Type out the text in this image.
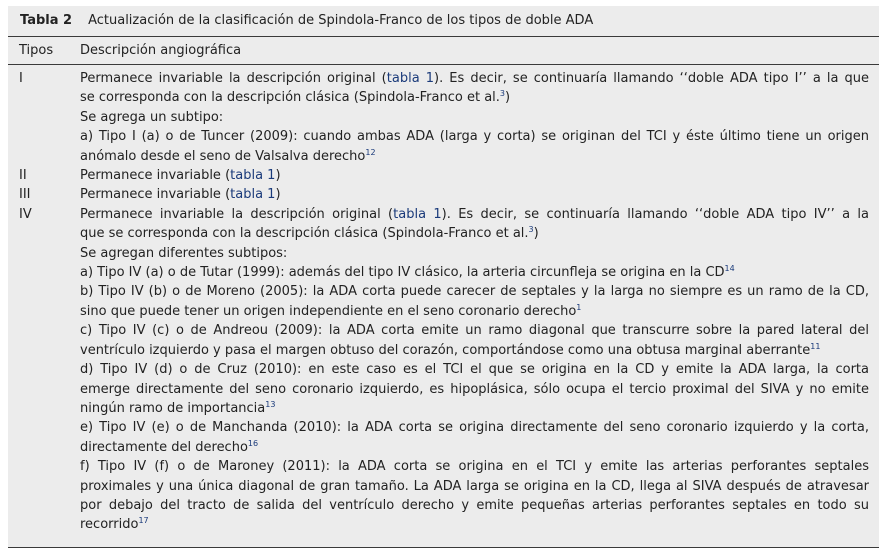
Tabla 2 Actualización de la clasificación de Spindola-Franco de los tipos de doble ADA
Tipos	Descripción angiográfica
I	Permanece invariable la descripción original (tabla 1). Es decir, se continuaría llamando ‘‘doble ADA tipo I’’ a la que
se corresponda con la descripción clásica (Spindola-Franco et al.$^3$)
Se agrega un subtipo:
a) Tipo I (a) o de Tuncer (2009): cuando ambas ADA (larga y corta) se originan del TCI y éste último tiene un origen
anómalo desde el seno de Valsalva derecho$^{12}$
II	Permanece invariable (tabla 1)
III	Permanece invariable (tabla 1)
IV	Permanece invariable la descripción original (tabla 1). Es decir, se continuaría llamando ‘‘doble ADA tipo IV’’ a la
que se corresponda con la descripción clásica (Spindola-Franco et al.$^3$)
Se agregan diferentes subtipos:
a) Tipo IV (a) o de Tutar (1999): además del tipo IV clásico, la arteria circunfleja se origina en la CD$^{14}$
b) Tipo IV (b) o de Moreno (2005): la ADA corta puede carecer de septales y la larga no siempre es un ramo de la CD,
sino que puede tener un origen independiente en el seno coronario derecho$^1$
c) Tipo IV (c) o de Andreou (2009): la ADA corta emite un ramo diagonal que transcurre sobre la pared lateral del
ventrículo izquierdo y pasa el margen obtuso del corazón, comportándose como una obtusa marginal aberrante$^{11}$
d) Tipo IV (d) o de Cruz (2010): en este caso es el TCI el que se origina en la CD y emite la ADA larga, la corta
emerge directamente del seno coronario izquierdo, es hipoplásica, sólo ocupa el tercio proximal del SIVA y no emite
ningún ramo de importancia$^{13}$
e) Tipo IV (e) o de Manchanda (2010): la ADA corta se origina directamente del seno coronario izquierdo y la corta,
directamente del derecho$^{16}$
f) Tipo IV (f) o de Maroney (2011): la ADA corta se origina en el TCI y emite las arterias perforantes septales
proximales y una única diagonal de gran tamaño. La ADA larga se origina en la CD, llega al SIVA después de atravesar
por debajo del tracto de salida del ventrículo derecho y emite pequeñas arterias perforantes septales en todo su
recorrido$^{17}$
